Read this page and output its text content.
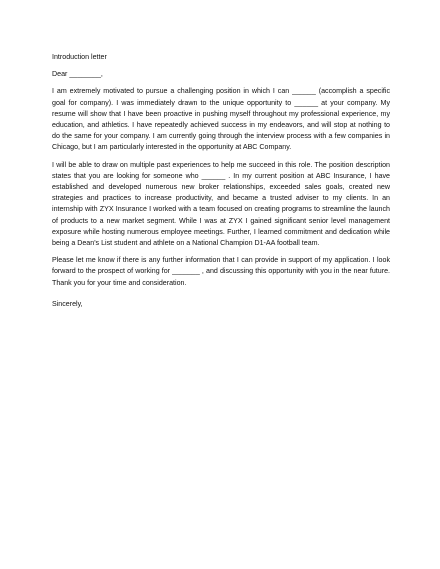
Introduction letter

Dear ________,

I am extremely motivated to pursue a challenging position in which I can ______ (accomplish a specific goal for company). I was immediately drawn to the unique opportunity to ______ at your company. My resume will show that I have been proactive in pushing myself throughout my professional experience, my education, and athletics. I have repeatedly achieved success in my endeavors, and will stop at nothing to do the same for your company. I am currently going through the interview process with a few companies in Chicago, but I am particularly interested in the opportunity at ABC Company.

I will be able to draw on multiple past experiences to help me succeed in this role. The position description states that you are looking for someone who ______ . In my current position at ABC Insurance, I have established and developed numerous new broker relationships, exceeded sales goals, created new strategies and practices to increase productivity, and became a trusted adviser to my clients. In an internship with ZYX Insurance I worked with a team focused on creating programs to streamline the launch of products to a new market segment. While I was at ZYX I gained significant senior level management exposure while hosting numerous employee meetings. Further, I learned commitment and dedication while being a Dean's List student and athlete on a National Champion D1-AA football team.

Please let me know if there is any further information that I can provide in support of my application. I look forward to the prospect of working for _______ , and discussing this opportunity with you in the near future. Thank you for your time and consideration.

Sincerely,
